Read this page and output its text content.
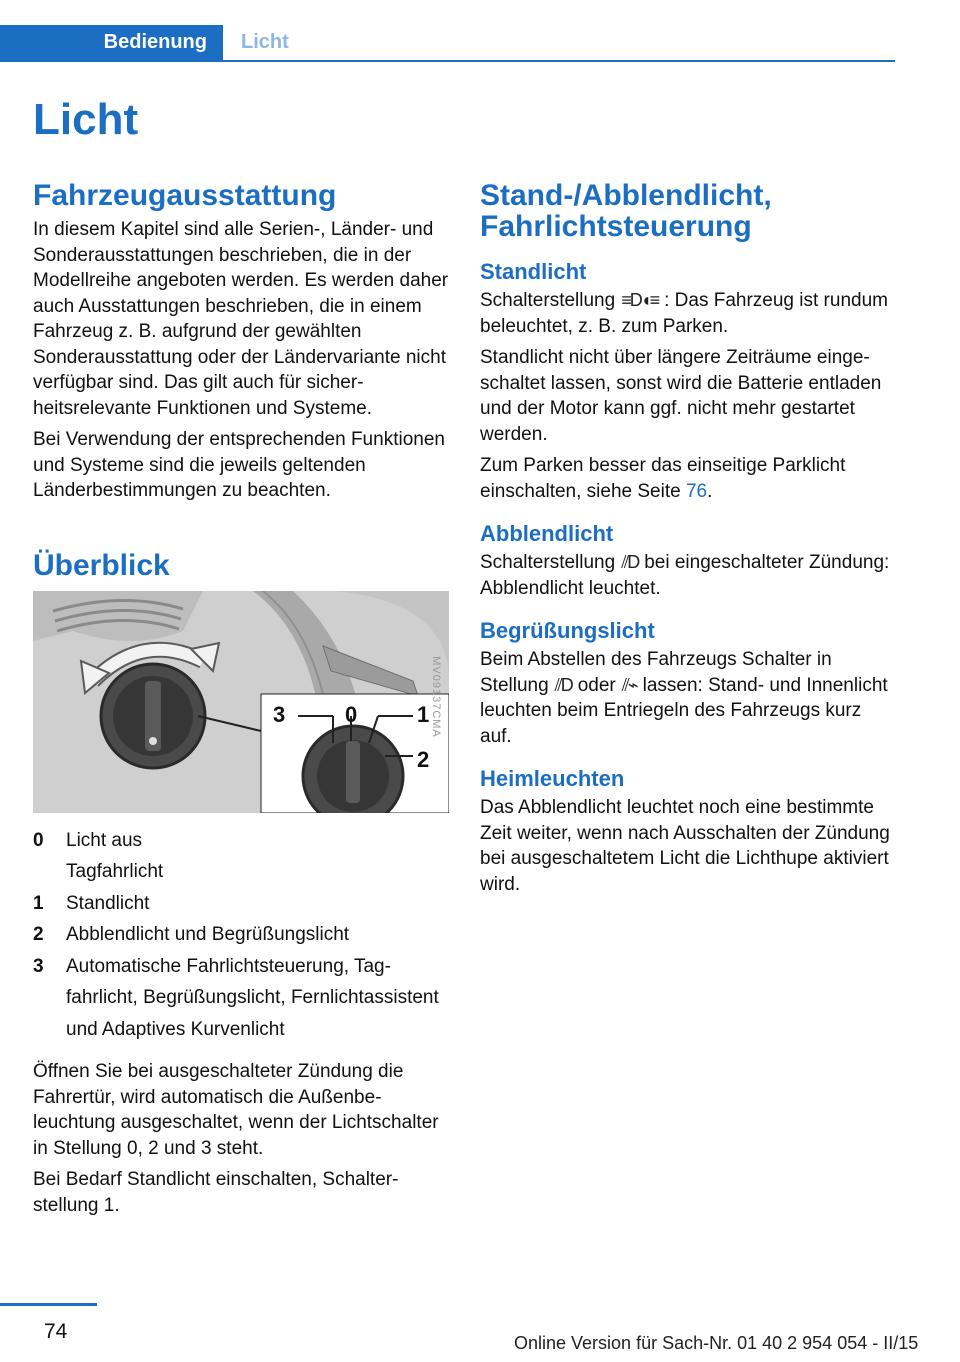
Bedienung	Licht
Licht
Fahrzeugausstattung

In diesem Kapitel sind alle Serien-, Länder- und Sonderausstattungen beschrieben, die in der Modellreihe angeboten werden. Es werden daher auch Ausstattungen beschrieben, die in einem Fahrzeug z. B. aufgrund der gewählten Sonderausstattung oder der Ländervariante nicht verfügbar sind. Das gilt auch für sicherheitsrelevante Funktionen und Systeme.

Bei Verwendung der entsprechenden Funktionen und Systeme sind die jeweils geltenden Länderbestimmungen zu beachten.

Überblick
3	0	1
2
MV09137CMA
0	Licht aus
Tagfahrlicht
1	Standlicht
2	Abblendlicht und Begrüßungslicht
3	Automatische Fahrlichtsteuerung, Tagfahrlicht, Begrüßungslicht, Fernlichtassistent und Adaptives Kurvenlicht

Öffnen Sie bei ausgeschalteter Zündung die Fahrertür, wird automatisch die Außenbeleuchtung ausgeschaltet, wenn der Lichtschalter in Stellung 0, 2 und 3 steht.

Bei Bedarf Standlicht einschalten, Schalterstellung 1.

Stand-/Abblendlicht, Fahrlichtsteuerung
Standlicht

Schalterstellung ≡D◖≡ : Das Fahrzeug ist rundum beleuchtet, z. B. zum Parken.

Standlicht nicht über längere Zeiträume eingeschaltet lassen, sonst wird die Batterie entladen und der Motor kann ggf. nicht mehr gestartet werden.

Zum Parken besser das einseitige Parklicht einschalten, siehe Seite 76.

Abblendlicht

Schalterstellung ⫽D bei eingeschalteter Zündung: Abblendlicht leuchtet.

Begrüßungslicht

Beim Abstellen des Fahrzeugs Schalter in Stellung ⫽D oder ⫽⌁ lassen: Stand- und Innenlicht leuchten beim Entriegeln des Fahrzeugs kurz auf.

Heimleuchten

Das Abblendlicht leuchtet noch eine bestimmte Zeit weiter, wenn nach Ausschalten der Zündung bei ausgeschaltetem Licht die Lichthupe aktiviert wird.

74	Online Version für Sach-Nr. 01 40 2 954 054 - II/15
